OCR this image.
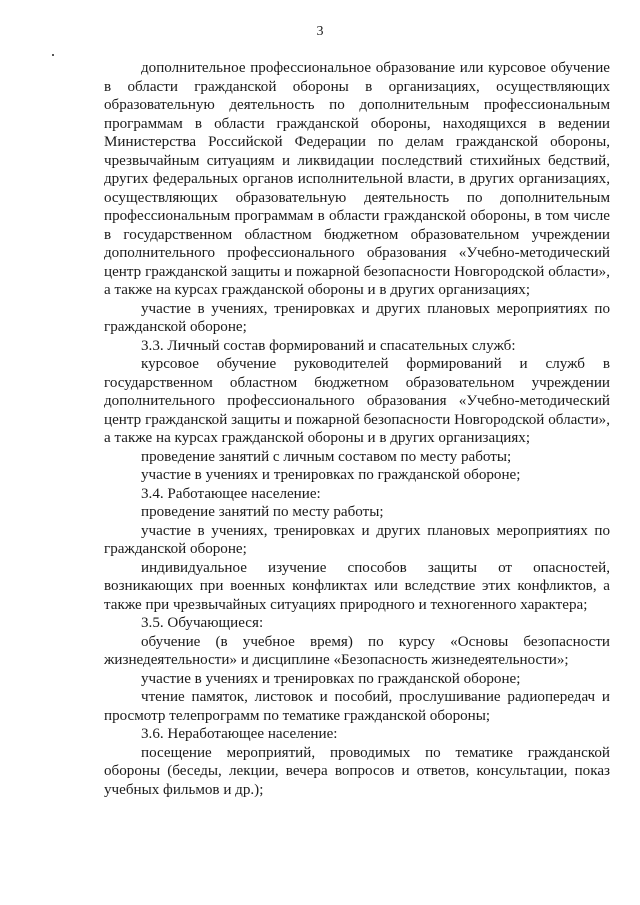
3

дополнительное профессиональное образование или курсовое обучение в области гражданской обороны в организациях, осуществляющих образовательную деятельность по дополнительным профессиональным программам в области гражданской обороны, находящихся в ведении Министерства Российской Федерации по делам гражданской обороны, чрезвычайным ситуациям и ликвидации последствий стихийных бедствий, других федеральных органов исполнительной власти, в других организациях, осуществляющих образовательную деятельность по дополнительным профессиональным программам в области гражданской обороны, в том числе в государственном областном бюджетном образовательном учреждении дополнительного профессионального образования «Учебно-методический центр гражданской защиты и пожарной безопасности Новгородской области», а также на курсах гражданской обороны и в других организациях;

участие в учениях, тренировках и других плановых мероприятиях по гражданской обороне;

3.3. Личный состав формирований и спасательных служб:

курсовое обучение руководителей формирований и служб в государственном областном бюджетном образовательном учреждении дополнительного профессионального образования «Учебно-методический центр гражданской защиты и пожарной безопасности Новгородской области», а также на курсах гражданской обороны и в других организациях;

проведение занятий с личным составом по месту работы;

участие в учениях и тренировках по гражданской обороне;

3.4. Работающее население:

проведение занятий по месту работы;

участие в учениях, тренировках и других плановых мероприятиях по гражданской обороне;

индивидуальное изучение способов защиты от опасностей, возникающих при военных конфликтах или вследствие этих конфликтов, а также при чрезвычайных ситуациях природного и техногенного характера;

3.5. Обучающиеся:

обучение (в учебное время) по курсу «Основы безопасности жизнедеятельности» и дисциплине «Безопасность жизнедеятельности»;

участие в учениях и тренировках по гражданской обороне;

чтение памяток, листовок и пособий, прослушивание радиопередач и просмотр телепрограмм по тематике гражданской обороны;

3.6. Неработающее население:

посещение мероприятий, проводимых по тематике гражданской обороны (беседы, лекции, вечера вопросов и ответов, консультации, показ учебных фильмов и др.);
